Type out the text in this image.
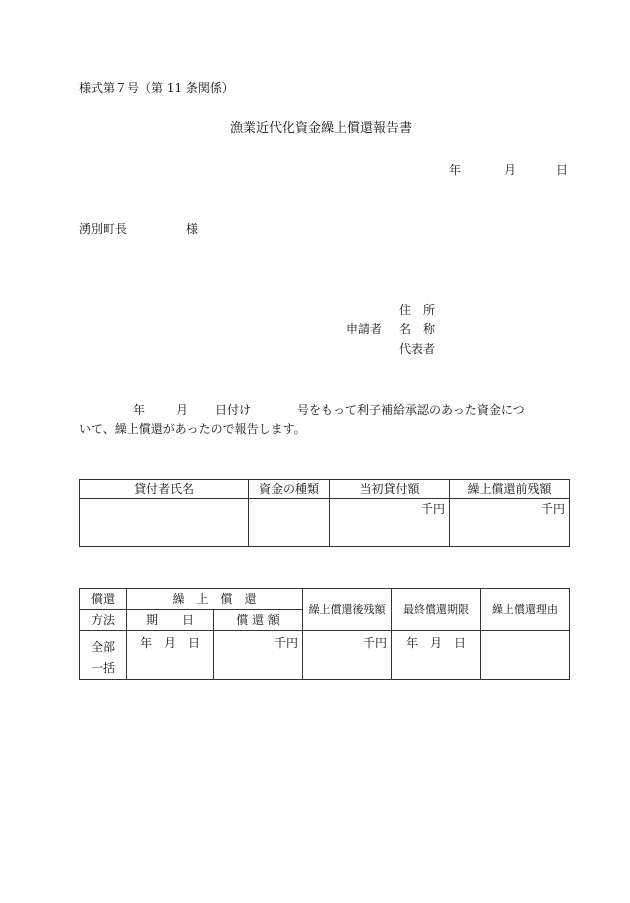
様式第７号（第 11 条関係）
漁業近代化資金繰上償還報告書
年	月	日
湧別町長	様
住　所
申請者 名　称
代表者
年	月 日付け	号をもって利子補給承認のあった資金につ
いて、繰上償還があったので報告します。
貸付者氏名	資金の種類	当初貸付額	繰上償還前残額
		千円	千円
償還	繰　上　償　還		繰上償還後残額	最終償還期限	繰上償還理由
方法	期　　日	償 還 額			

全部
一括	年　月　日	千円	千円	年　月　日	
